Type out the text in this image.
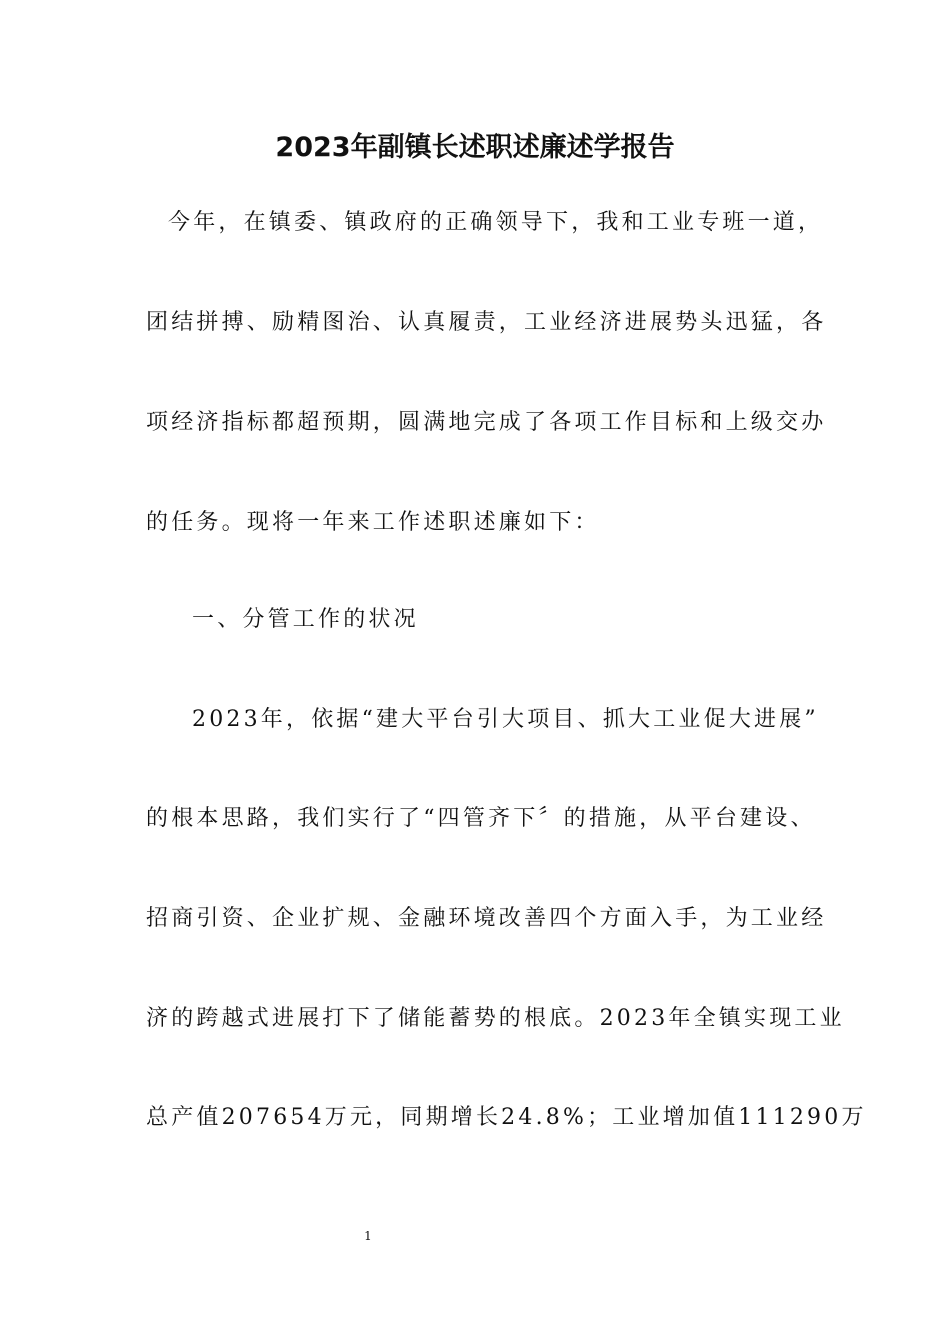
2023年副镇长述职述廉述学报告
今年，在镇委、镇政府的正确领导下，我和工业专班一道，
团结拼搏、励精图治、认真履责，工业经济进展势头迅猛，各
项经济指标都超预期，圆满地完成了各项工作目标和上级交办
的任务。现将一年来工作述职述廉如下：
一、分管工作的状况
2023年，依据“建大平台引大项目、抓大工业促大进展”
的根本思路，我们实行了“四管齐下〞的措施，从平台建设、
招商引资、企业扩规、金融环境改善四个方面入手，为工业经
济的跨越式进展打下了储能蓄势的根底。2023年全镇实现工业
总产值207654万元，同期增长24.8%；工业增加值111290万
1
